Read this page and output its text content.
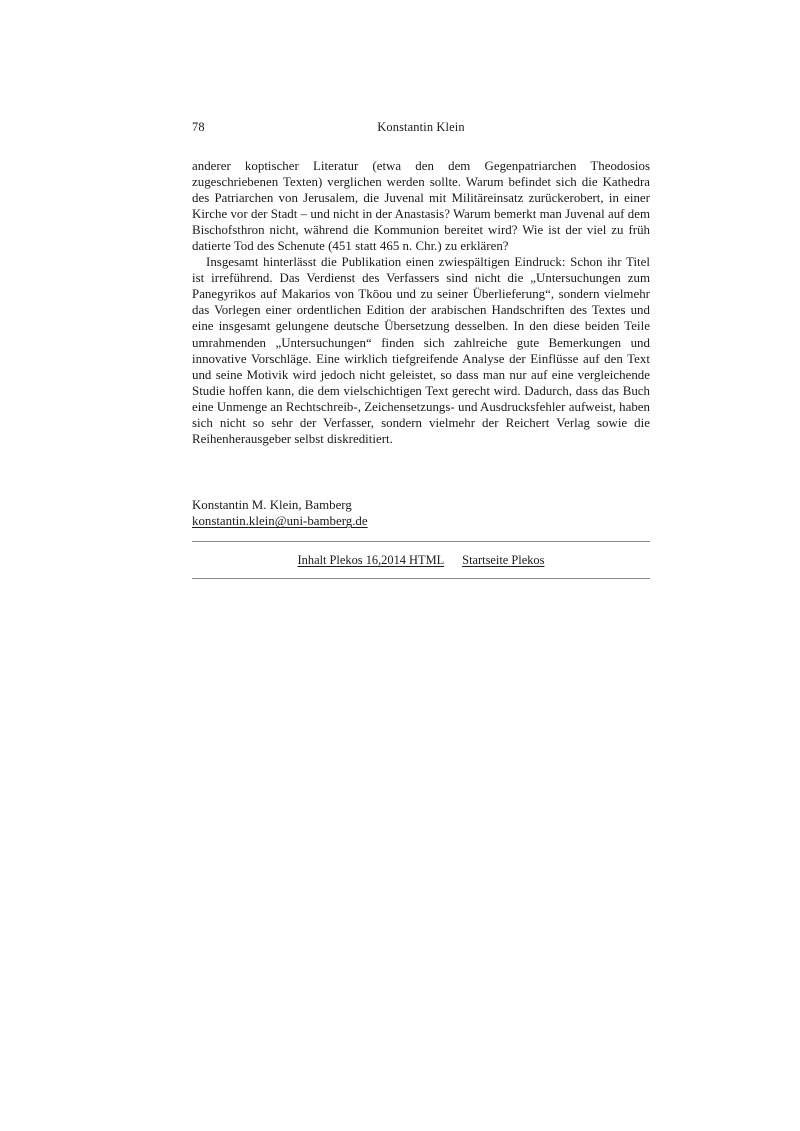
78	Konstantin Klein

anderer koptischer Literatur (etwa den dem Gegenpatriarchen Theodosios zugeschriebenen Texten) verglichen werden sollte. Warum befindet sich die Kathedra des Patriarchen von Jerusalem, die Juvenal mit Militäreinsatz zurückerobert, in einer Kirche vor der Stadt – und nicht in der Anastasis? Warum bemerkt man Juvenal auf dem Bischofsthron nicht, während die Kommunion bereitet wird? Wie ist der viel zu früh datierte Tod des Schenute (451 statt 465 n. Chr.) zu erklären?

Insgesamt hinterlässt die Publikation einen zwiespältigen Eindruck: Schon ihr Titel ist irreführend. Das Verdienst des Verfassers sind nicht die „Untersuchungen zum Panegyrikos auf Makarios von Tkōou und zu seiner Überlieferung“, sondern vielmehr das Vorlegen einer ordentlichen Edition der arabischen Handschriften des Textes und eine insgesamt gelungene deutsche Übersetzung desselben. In den diese beiden Teile umrahmenden „Untersuchungen“ finden sich zahlreiche gute Bemerkungen und innovative Vorschläge. Eine wirklich tiefgreifende Analyse der Einflüsse auf den Text und seine Motivik wird jedoch nicht geleistet, so dass man nur auf eine vergleichende Studie hoffen kann, die dem vielschichtigen Text gerecht wird. Dadurch, dass das Buch eine Unmenge an Rechtschreib-, Zeichensetzungs- und Ausdrucksfehler aufweist, haben sich nicht so sehr der Verfasser, sondern vielmehr der Reichert Verlag sowie die Reihenherausgeber selbst diskreditiert.

Konstantin M. Klein, Bamberg
konstantin.klein@uni-bamberg.de
Inhalt Plekos 16,2014 HTML Startseite Plekos
